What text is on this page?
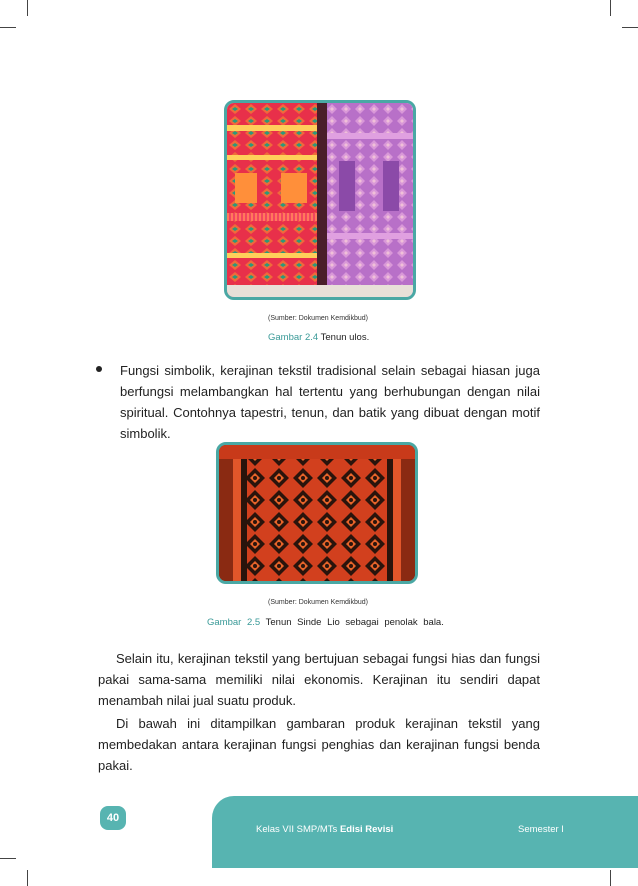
(Sumber: Dokumen Kemdikbud)
Gambar 2.4 Tenun ulos.
Fungsi simbolik, kerajinan tekstil tradisional selain sebagai hiasan juga berfungsi melambangkan hal tertentu yang berhubungan dengan nilai spiritual. Contohnya tapestri, tenun, dan batik yang dibuat dengan motif simbolik.
(Sumber: Dokumen Kemdikbud)
Gambar 2.5 Tenun Sinde Lio sebagai penolak bala.
Selain itu, kerajinan tekstil yang bertujuan sebagai fungsi hias dan fungsi pakai sama-sama memiliki nilai ekonomis. Kerajinan itu sendiri dapat menambah nilai jual suatu produk.
Di bawah ini ditampilkan gambaran produk kerajinan tekstil yang membedakan antara kerajinan fungsi penghias dan kerajinan fungsi benda pakai.
40
Kelas VII SMP/MTs Edisi Revisi	Semester I
